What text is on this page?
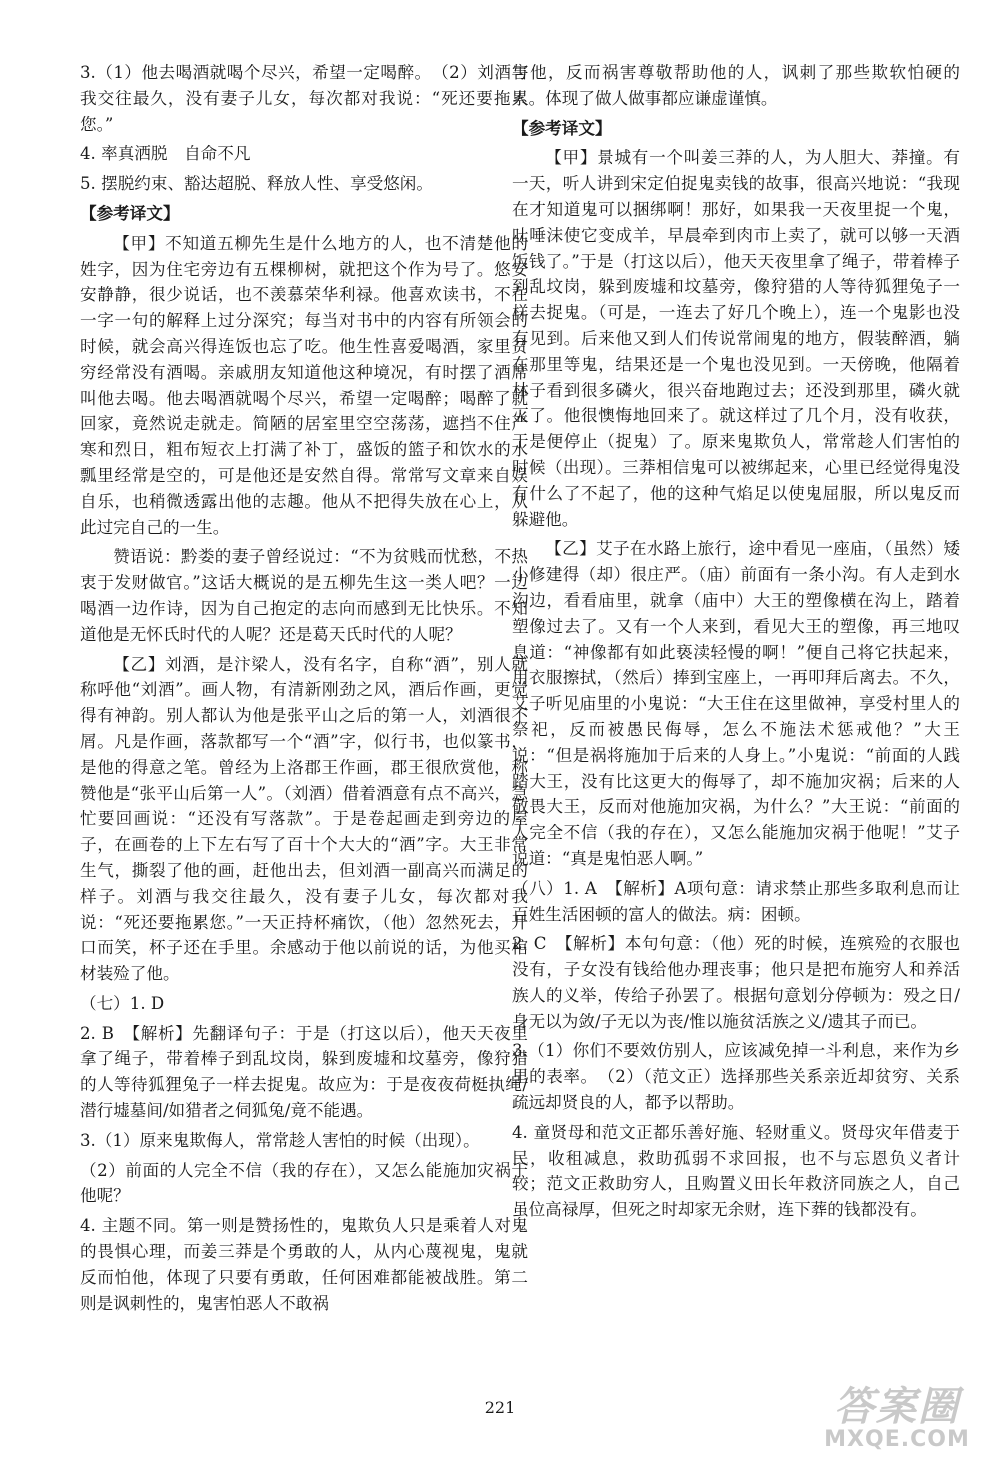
3.（1）他去喝酒就喝个尽兴，希望一定喝醉。　（2）刘酒与我交往最久，没有妻子儿女，每次都对我说：“死还要拖累您。”

4. 率真洒脱　自命不凡

5. 摆脱约束、豁达超脱、释放人性、享受悠闲。

【参考译文】

【甲】不知道五柳先生是什么地方的人，也不清楚他的姓字，因为住宅旁边有五棵柳树，就把这个作为号了。悠安安静静，很少说话，也不羡慕荣华利禄。他喜欢读书，不在一字一句的解释上过分深究；每当对书中的内容有所领会的时候，就会高兴得连饭也忘了吃。他生性喜爱喝酒，家里贫穷经常没有酒喝。亲戚朋友知道他这种境况，有时摆了酒席叫他去喝。他去喝酒就喝个尽兴，希望一定喝醉；喝醉了就回家，竟然说走就走。简陋的居室里空空荡荡，遮挡不住严寒和烈日，粗布短衣上打满了补丁，盛饭的篮子和饮水的水瓢里经常是空的，可是他还是安然自得。常常写文章来自娱自乐，也稍微透露出他的志趣。他从不把得失放在心上，从此过完自己的一生。

赞语说：黔娄的妻子曾经说过：“不为贫贱而忧愁，不热衷于发财做官。”这话大概说的是五柳先生这一类人吧？一边喝酒一边作诗，因为自己抱定的志向而感到无比快乐。不知道他是无怀氏时代的人呢？还是葛天氏时代的人呢？

【乙】刘酒，是汴梁人，没有名字，自称“酒”，别人就称呼他“刘酒”。画人物，有清新刚劲之风，酒后作画，更觉得有神韵。别人都认为他是张平山之后的第一人，刘酒很不屑。凡是作画，落款都写一个“酒”字，似行书，也似篆书，是他的得意之笔。曾经为上洛郡王作画，郡王很欣赏他，称赞他是“张平山后第一人”。（刘酒）借着酒意有点不高兴，急忙要回画说：“还没有写落款”。于是卷起画走到旁边的屋子，在画卷的上下左右写了百十个大大的“酒”字。大王非常生气，撕裂了他的画，赶他出去，但刘酒一副高兴而满足的样子。刘酒与我交往最久，没有妻子儿女，每次都对我说：“死还要拖累您。”一天正持杯痛饮，（他）忽然死去，开口而笑，杯子还在手里。余感动于他以前说的话，为他买棺材装殓了他。

（七）1. D

2. B　【解析】先翻译句子：于是（打这以后），他天天夜里拿了绳子，带着棒子到乱坟岗，躲到废墟和坟墓旁，像狩猎的人等待狐狸兔子一样去捉鬼。故应为：于是夜夜荷梃执绳/潜行墟墓间/如猎者之伺狐兔/竟不能遇。

3.（1）原来鬼欺侮人，常常趁人害怕的时候（出现）。

（2）前面的人完全不信（我的存在），又怎么能施加灾祸于他呢？

4. 主题不同。第一则是赞扬性的，鬼欺负人只是乘着人对鬼的畏惧心理，而姜三莽是个勇敢的人，从内心蔑视鬼，鬼就反而怕他，体现了只要有勇敢，任何困难都能被战胜。第二则是讽刺性的，鬼害怕恶人不敢祸

害他，反而祸害尊敬帮助他的人，讽刺了那些欺软怕硬的人。体现了做人做事都应谦虚谨慎。

【参考译文】

【甲】景城有一个叫姜三莽的人，为人胆大、莽撞。有一天，听人讲到宋定伯捉鬼卖钱的故事，很高兴地说：“我现在才知道鬼可以捆绑啊！那好，如果我一天夜里捉一个鬼，吐唾沫使它变成羊，早晨牵到肉市上卖了，就可以够一天酒饭钱了。”于是（打这以后），他天天夜里拿了绳子，带着棒子到乱坟岗，躲到废墟和坟墓旁，像狩猎的人等待狐狸兔子一样去捉鬼。（可是，一连去了好几个晚上），连一个鬼影也没有见到。后来他又到人们传说常闹鬼的地方，假装醉酒，躺在那里等鬼，结果还是一个鬼也没见到。一天傍晚，他隔着林子看到很多磷火，很兴奋地跑过去；还没到那里，磷火就灭了。他很懊悔地回来了。就这样过了几个月，没有收获，于是便停止（捉鬼）了。原来鬼欺负人，常常趁人们害怕的时候（出现）。三莽相信鬼可以被绑起来，心里已经觉得鬼没有什么了不起了，他的这种气焰足以使鬼屈服，所以鬼反而躲避他。

【乙】艾子在水路上旅行，途中看见一座庙，（虽然）矮小修建得（却）很庄严。（庙）前面有一条小沟。有人走到水沟边，看看庙里，就拿（庙中）大王的塑像横在沟上，踏着塑像过去了。又有一个人来到，看见大王的塑像，再三地叹息道：“神像都有如此亵渎轻慢的啊！”便自己将它扶起来，用衣服擦拭，（然后）捧到宝座上，一再叩拜后离去。不久，艾子听见庙里的小鬼说：“大王住在这里做神，享受村里人的祭祀，反而被愚民侮辱，怎么不施法术惩戒他？”大王说：“但是祸将施加于后来的人身上。”小鬼说：“前面的人践踏大王，没有比这更大的侮辱了，却不施加灾祸；后来的人敬畏大王，反而对他施加灾祸，为什么？”大王说：“前面的人完全不信（我的存在），又怎么能施加灾祸于他呢！”艾子说道：“真是鬼怕恶人啊。”

（八）1. A　【解析】A项句意：请求禁止那些多取利息而让百姓生活困顿的富人的做法。病：困顿。

2. C　【解析】本句句意：（他）死的时候，连殡殓的衣服也没有，子女没有钱给他办理丧事；他只是把布施穷人和养活族人的义举，传给子孙罢了。根据句意划分停顿为：殁之日/身无以为敛/子无以为丧/惟以施贫活族之义/遗其子而已。

3.（1）你们不要效仿别人，应该减免掉一斗利息，来作为乡里的表率。　（2）（范文正）选择那些关系亲近却贫穷、关系疏远却贤良的人，都予以帮助。

4. 童贤母和范文正都乐善好施、轻财重义。贤母灾年借麦于民，收租减息，救助孤弱不求回报，也不与忘恩负义者计较；范文正救助穷人，且购置义田长年救济同族之人，自己虽位高禄厚，但死之时却家无余财，连下葬的钱都没有。

221	答案圈
MXQE.COM
